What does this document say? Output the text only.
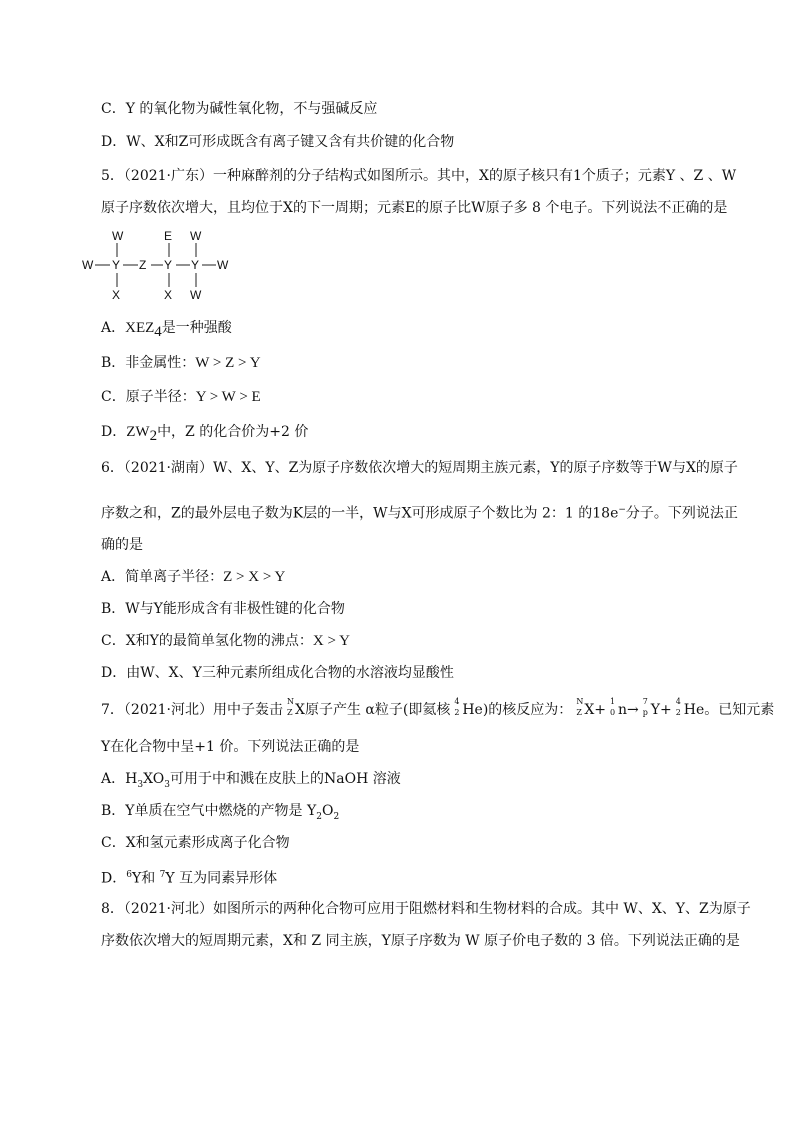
C．Y 的氧化物为碱性氧化物，不与强碱反应
D．W、X和Z可形成既含有离子键又含有共价键的化合物
5．（2021·广东）一种麻醉剂的分子结构式如图所示。其中，X的原子核只有1个质子；元素Y 、Z 、W
原子序数依次增大，且均位于X的下一周期；元素E的原子比W原子多 8 个电子。下列说法不正确的是
W
W Y Z Y Y W
X
E W
X W
A．$XEZ_4$是一种强酸
B．非金属性：W > Z > Y
C．原子半径：Y > W > E
D．$ZW_2$中，Z 的化合价为+2 价
6．（2021·湖南）W、X、Y、Z为原子序数依次增大的短周期主族元素，Y的原子序数等于W与X的原子
序数之和，Z的最外层电子数为K层的一半，W与X可形成原子个数比为 2：1 的18e−分子。下列说法正
确的是
A．简单离子半径：Z > X > Y
B．W与Y能形成含有非极性键的化合物
C．X和Y的最简单氢化物的沸点：X > Y
D．由W、X、Y三种元素所组成化合物的水溶液均显酸性
7．（2021·河北）用中子轰击
N
Z X原子产生 α粒子(即氦核
4
2 He)的核反应为：
N
Z X+
1
0 n→
7
p Y+
4
2 He。已知元素
Y在化合物中呈+1 价。下列说法正确的是
A．$H_3XO_3$可用于中和溅在皮肤上的NaOH 溶液
B．Y单质在空气中燃烧的产物是 $Y_2O_2$
C．X和氢元素形成离子化合物
D．$^6$Y和 $^7$Y 互为同素异形体
8．（2021·河北）如图所示的两种化合物可应用于阻燃材料和生物材料的合成。其中 W、X、Y、Z为原子
序数依次增大的短周期元素，X和 Z 同主族，Y原子序数为 W 原子价电子数的 3 倍。下列说法正确的是
